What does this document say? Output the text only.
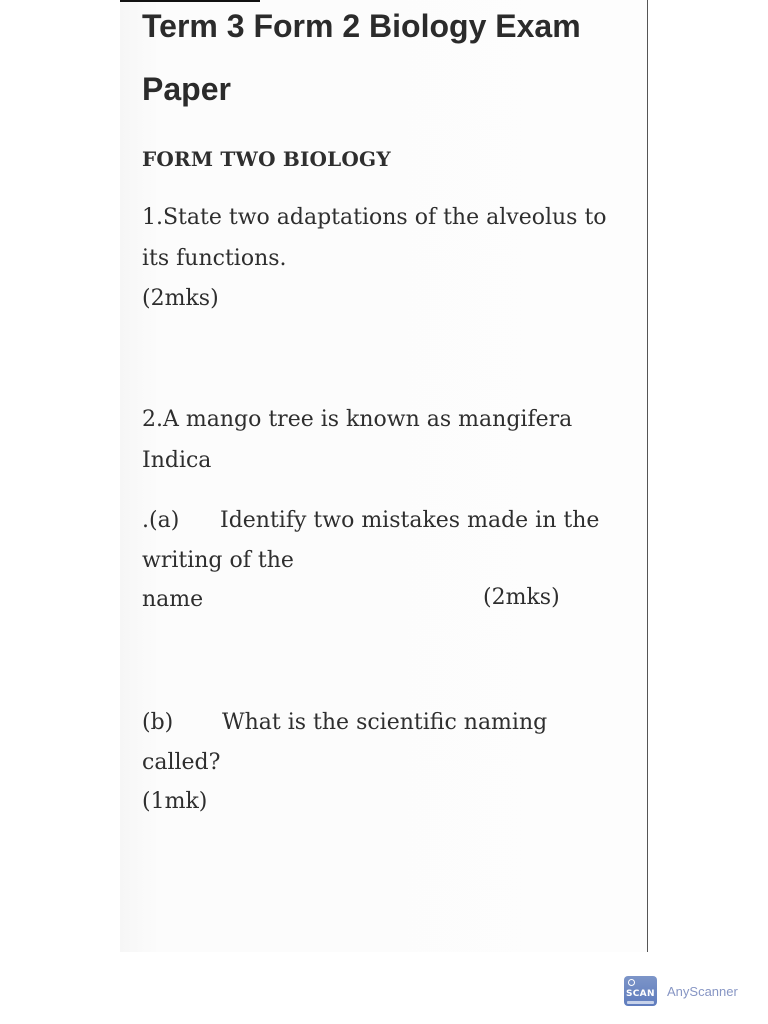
Term 3 Form 2 Biology Exam
Paper
FORM TWO BIOLOGY
1.State two adaptations of the alveolus to
its functions.
(2mks)
2.A mango tree is known as mangifera
Indica
.(a) Identify two mistakes made in the
writing of the
name	(2mks)
(b) What is the scientific naming
called?
(1mk)
SCAN AnyScanner
